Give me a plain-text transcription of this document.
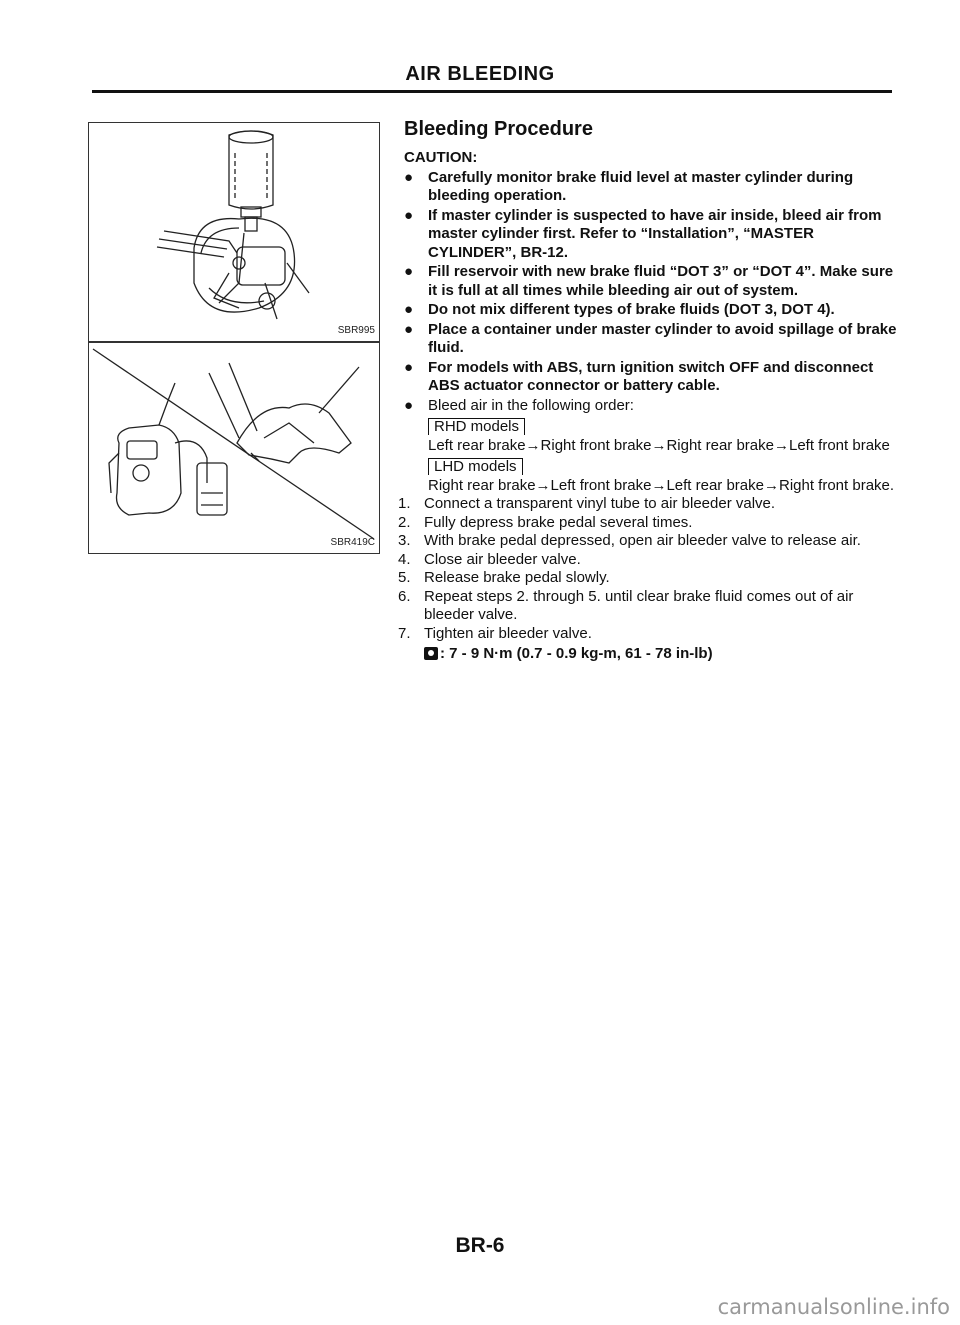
AIR BLEEDING
SBR995
SBR419C
Bleeding Procedure
CAUTION:
● Carefully monitor brake fluid level at master cylinder during bleeding operation.
● If master cylinder is suspected to have air inside, bleed air from master cylinder first. Refer to “Installation”, “MASTER CYLINDER”, BR-12.
● Fill reservoir with new brake fluid “DOT 3” or “DOT 4”. Make sure it is full at all times while bleeding air out of system.
● Do not mix different types of brake fluids (DOT 3, DOT 4).
● Place a container under master cylinder to avoid spillage of brake fluid.
● For models with ABS, turn ignition switch OFF and disconnect ABS actuator connector or battery cable.
● Bleed air in the following order:
RHD models
Left rear brake→Right front brake→Right rear brake→Left front brake
LHD models
Right rear brake→Left front brake→Left rear brake→Right front brake.
1. Connect a transparent vinyl tube to air bleeder valve.
2. Fully depress brake pedal several times.
3. With brake pedal depressed, open air bleeder valve to release air.
4. Close air bleeder valve.
5. Release brake pedal slowly.
6. Repeat steps 2. through 5. until clear brake fluid comes out of air bleeder valve.
7. Tighten air bleeder valve.
: 7 - 9 N·m (0.7 - 0.9 kg-m, 61 - 78 in-lb)
BR-6
carmanualsonline.info
